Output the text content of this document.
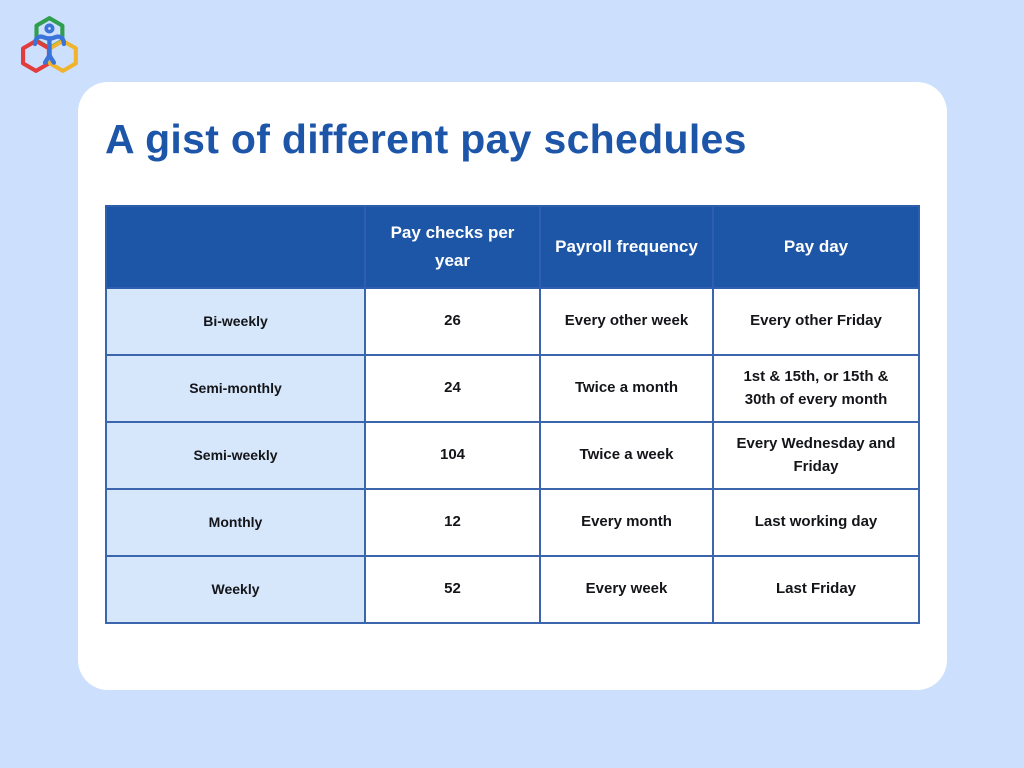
A gist of different pay schedules
	Pay checks per year	Payroll frequency	Pay day
Bi-weekly	26	Every other week	Every other Friday
Semi-monthly	24	Twice a month	1st & 15th, or 15th & 30th of every month
Semi-weekly	104	Twice a week	Every Wednesday and Friday
Monthly	12	Every month	Last working day
Weekly	52	Every week	Last Friday
